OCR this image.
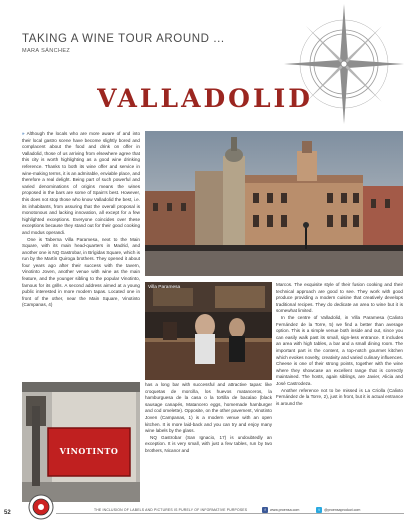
TAKING A WINE TOUR AROUND ...
MARA SÁNCHEZ
VALLADOLID

» Although the locals who are more aware of and into their local gastro scene have become slightly bored and complacent about the food and drink on offer in Valladolid, those of us arriving from elsewhere agree that this city is worth highlighting as a good wine drinking reference. Thanks to both its wine offer and service in wine-making terms, it is an admirable, enviable place, and therefore a real delight. Being part of such powerful and varied denominations of origins means the wines proposed in the bars are some of Spain's best. However, this does not stop those who know Valladolid the best, i.e. its inhabitants, from assuring that the overall proposal is monotonous and lacking innovation, all except for a few highlighted exceptions. Everyone coincides over these exceptions because they stand out for their good cooking and modus operandi.

One is Taberna Villa Paramesa, next to the Main Square, with its main head-quarters in Madrid, and another one is NQ Gastrobar, in Brígidas Square, which is run by the Martín Quiroga brothers. They opened it about four years ago after their success with the tavern, Vinotinto Joven, another venue with wine as the main feature, and the younger sibling to the popular Vinotinto, famous for its grills. A second address aimed at a young public interested in more modern tapas. Located one in front of the other, near the Main Square, Vinotinto (Campanas, 4)

Villa Paramesa
VINOTINTO

has a long bar with successful and attractive tapas: like croquetas de morcilla, los huevos matanceros, la hamburguesa de la casa o la tortilla de bacalao (black sausage canapés, Matancero eggs, homemade hamburger and cod omelette). Opposite, on the other pavement, Vinotinto Joven (Campanas, 1) is a modern venue with an open kitchen. It is more laid-back and you can try and enjoy many wine labels by the glass.

NQ Gastrobar (San Ignacio, 17) is undoubtedly an exception. It is very small, with just a few tables, run by two brothers, Nicanor and

Marcos. The exquisite style of their fusion cooking and their technical approach are good to see. They work with good produce providing a modern cuisine that creatively develops traditional recipes. They do dedicate an area to wine but it is somewhat limited.

In the centre of Valladolid, in Villa Paramesa (Calixto Fernández de la Torre, 5) we find a better than average option. This is a simple venue both inside and out, since you can easily walk past its small, sign-less entrance. It includes an area with high tables, a bar and a small dining room. The important part is the content, a top-notch gourmet kitchen which evokes novelty, creativity and varied culinary influences. Cheese is one of their strong points, together with the wine where they showcase an excellent range that is correctly maintained. The hosts, again siblings, are Javier, Alicia and José Castrodeza.

Another reference not to be missed is La Criolla (Calixto Fernández de la Torre, 2), just in front, but it is actual entrance is around the

52	THE INCLUSION OF LABELS AND PICTURES IS PURELY OF INFORMATIVE PURPOSES	f	www.proensa.com	t	@proensaproduct.com
